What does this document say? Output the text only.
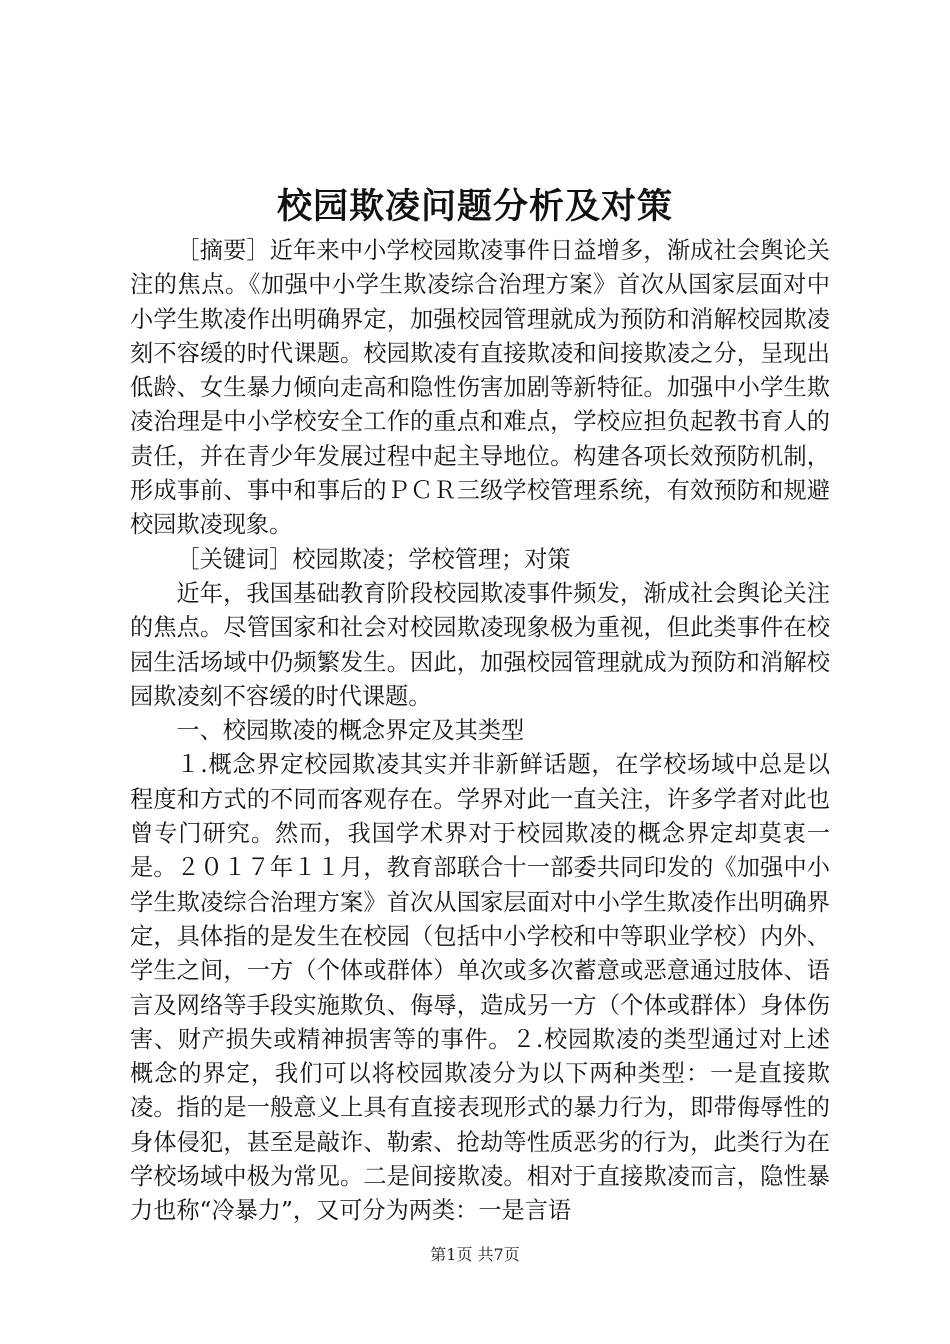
校园欺凌问题分析及对策

［摘要］近年来中小学校园欺凌事件日益增多，渐成社会舆论关注的焦点。《加强中小学生欺凌综合治理方案》首次从国家层面对中小学生欺凌作出明确界定，加强校园管理就成为预防和消解校园欺凌刻不容缓的时代课题。校园欺凌有直接欺凌和间接欺凌之分，呈现出低龄、女生暴力倾向走高和隐性伤害加剧等新特征。加强中小学生欺凌治理是中小学校安全工作的重点和难点，学校应担负起教书育人的责任，并在青少年发展过程中起主导地位。构建各项长效预防机制，形成事前、事中和事后的ＰＣＲ三级学校管理系统，有效预防和规避校园欺凌现象。

［关键词］校园欺凌；学校管理；对策

近年，我国基础教育阶段校园欺凌事件频发，渐成社会舆论关注的焦点。尽管国家和社会对校园欺凌现象极为重视，但此类事件在校园生活场域中仍频繁发生。因此，加强校园管理就成为预防和消解校园欺凌刻不容缓的时代课题。

一、校园欺凌的概念界定及其类型

１.概念界定校园欺凌其实并非新鲜话题，在学校场域中总是以程度和方式的不同而客观存在。学界对此一直关注，许多学者对此也曾专门研究。然而，我国学术界对于校园欺凌的概念界定却莫衷一是。２０１７年１１月，教育部联合十一部委共同印发的《加强中小学生欺凌综合治理方案》首次从国家层面对中小学生欺凌作出明确界定，具体指的是发生在校园（包括中小学校和中等职业学校）内外、学生之间，一方（个体或群体）单次或多次蓄意或恶意通过肢体、语言及网络等手段实施欺负、侮辱，造成另一方（个体或群体）身体伤害、财产损失或精神损害等的事件。２.校园欺凌的类型通过对上述概念的界定，我们可以将校园欺凌分为以下两种类型：一是直接欺凌。指的是一般意义上具有直接表现形式的暴力行为，即带侮辱性的身体侵犯，甚至是敲诈、勒索、抢劫等性质恶劣的行为，此类行为在学校场域中极为常见。二是间接欺凌。相对于直接欺凌而言，隐性暴力也称“冷暴力”，又可分为两类：一是言语

第1页 共7页
